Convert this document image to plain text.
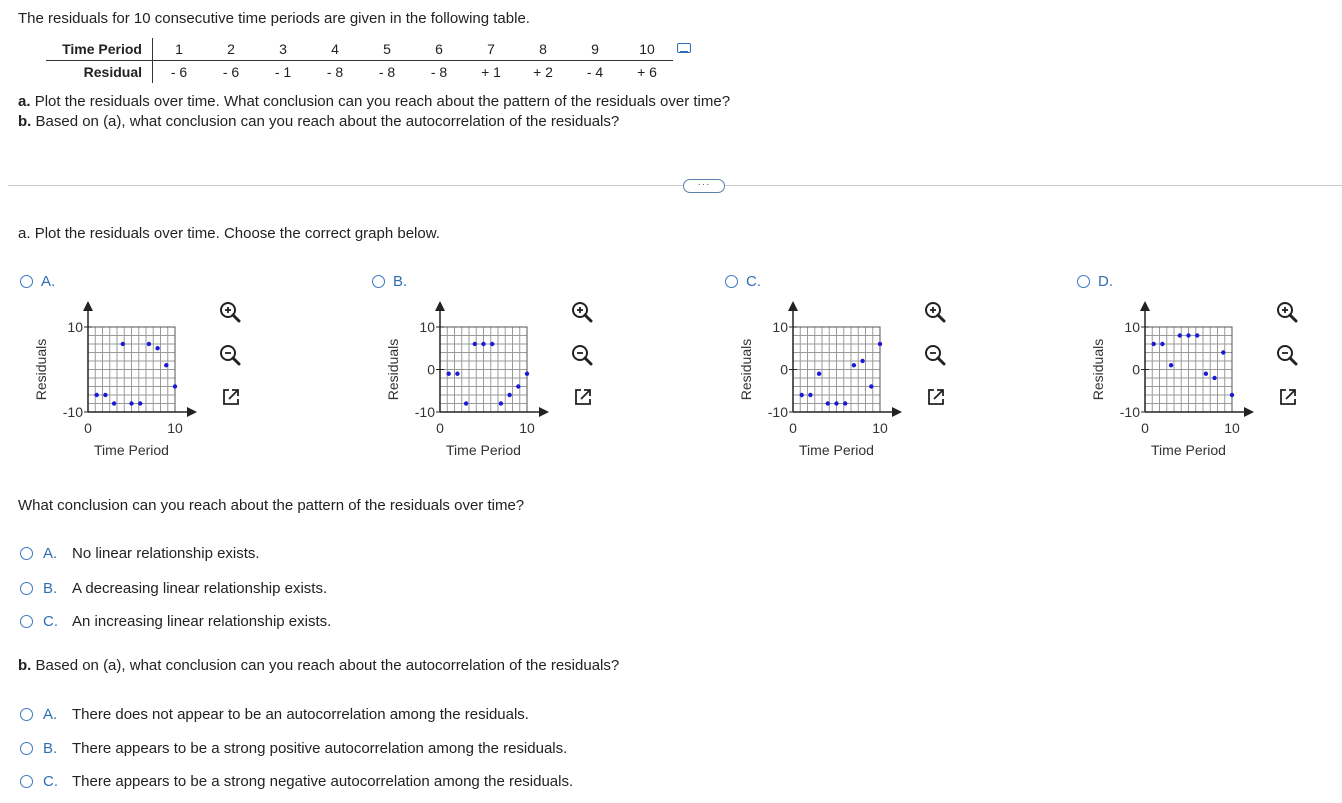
The residuals for 10 consecutive time periods are given in the following table.
Time Period	1	2	3	4	5	6	7	8	9	10
Residual	- 6	- 6	- 1	- 8	- 8	- 8	+ 1	+ 2	- 4	+ 6
a. Plot the residuals over time. What conclusion can you reach about the pattern of the residuals over time?
b. Based on (a), what conclusion can you reach about the autocorrelation of the residuals?
···
a. Plot the residuals over time. Choose the correct graph below.
A.
10
-10
0	10
Time Period
Residuals
B.
10
0
-10
0	10
Time Period
Residuals
C.
10
0
-10
0	10
Time Period
Residuals
D.
10
0
-10
0	10
Time Period
Residuals
What conclusion can you reach about the pattern of the residuals over time?
A. No linear relationship exists.
B. A decreasing linear relationship exists.
C. An increasing linear relationship exists.
b. Based on (a), what conclusion can you reach about the autocorrelation of the residuals?
A. There does not appear to be an autocorrelation among the residuals.
B. There appears to be a strong positive autocorrelation among the residuals.
C. There appears to be a strong negative autocorrelation among the residuals.
